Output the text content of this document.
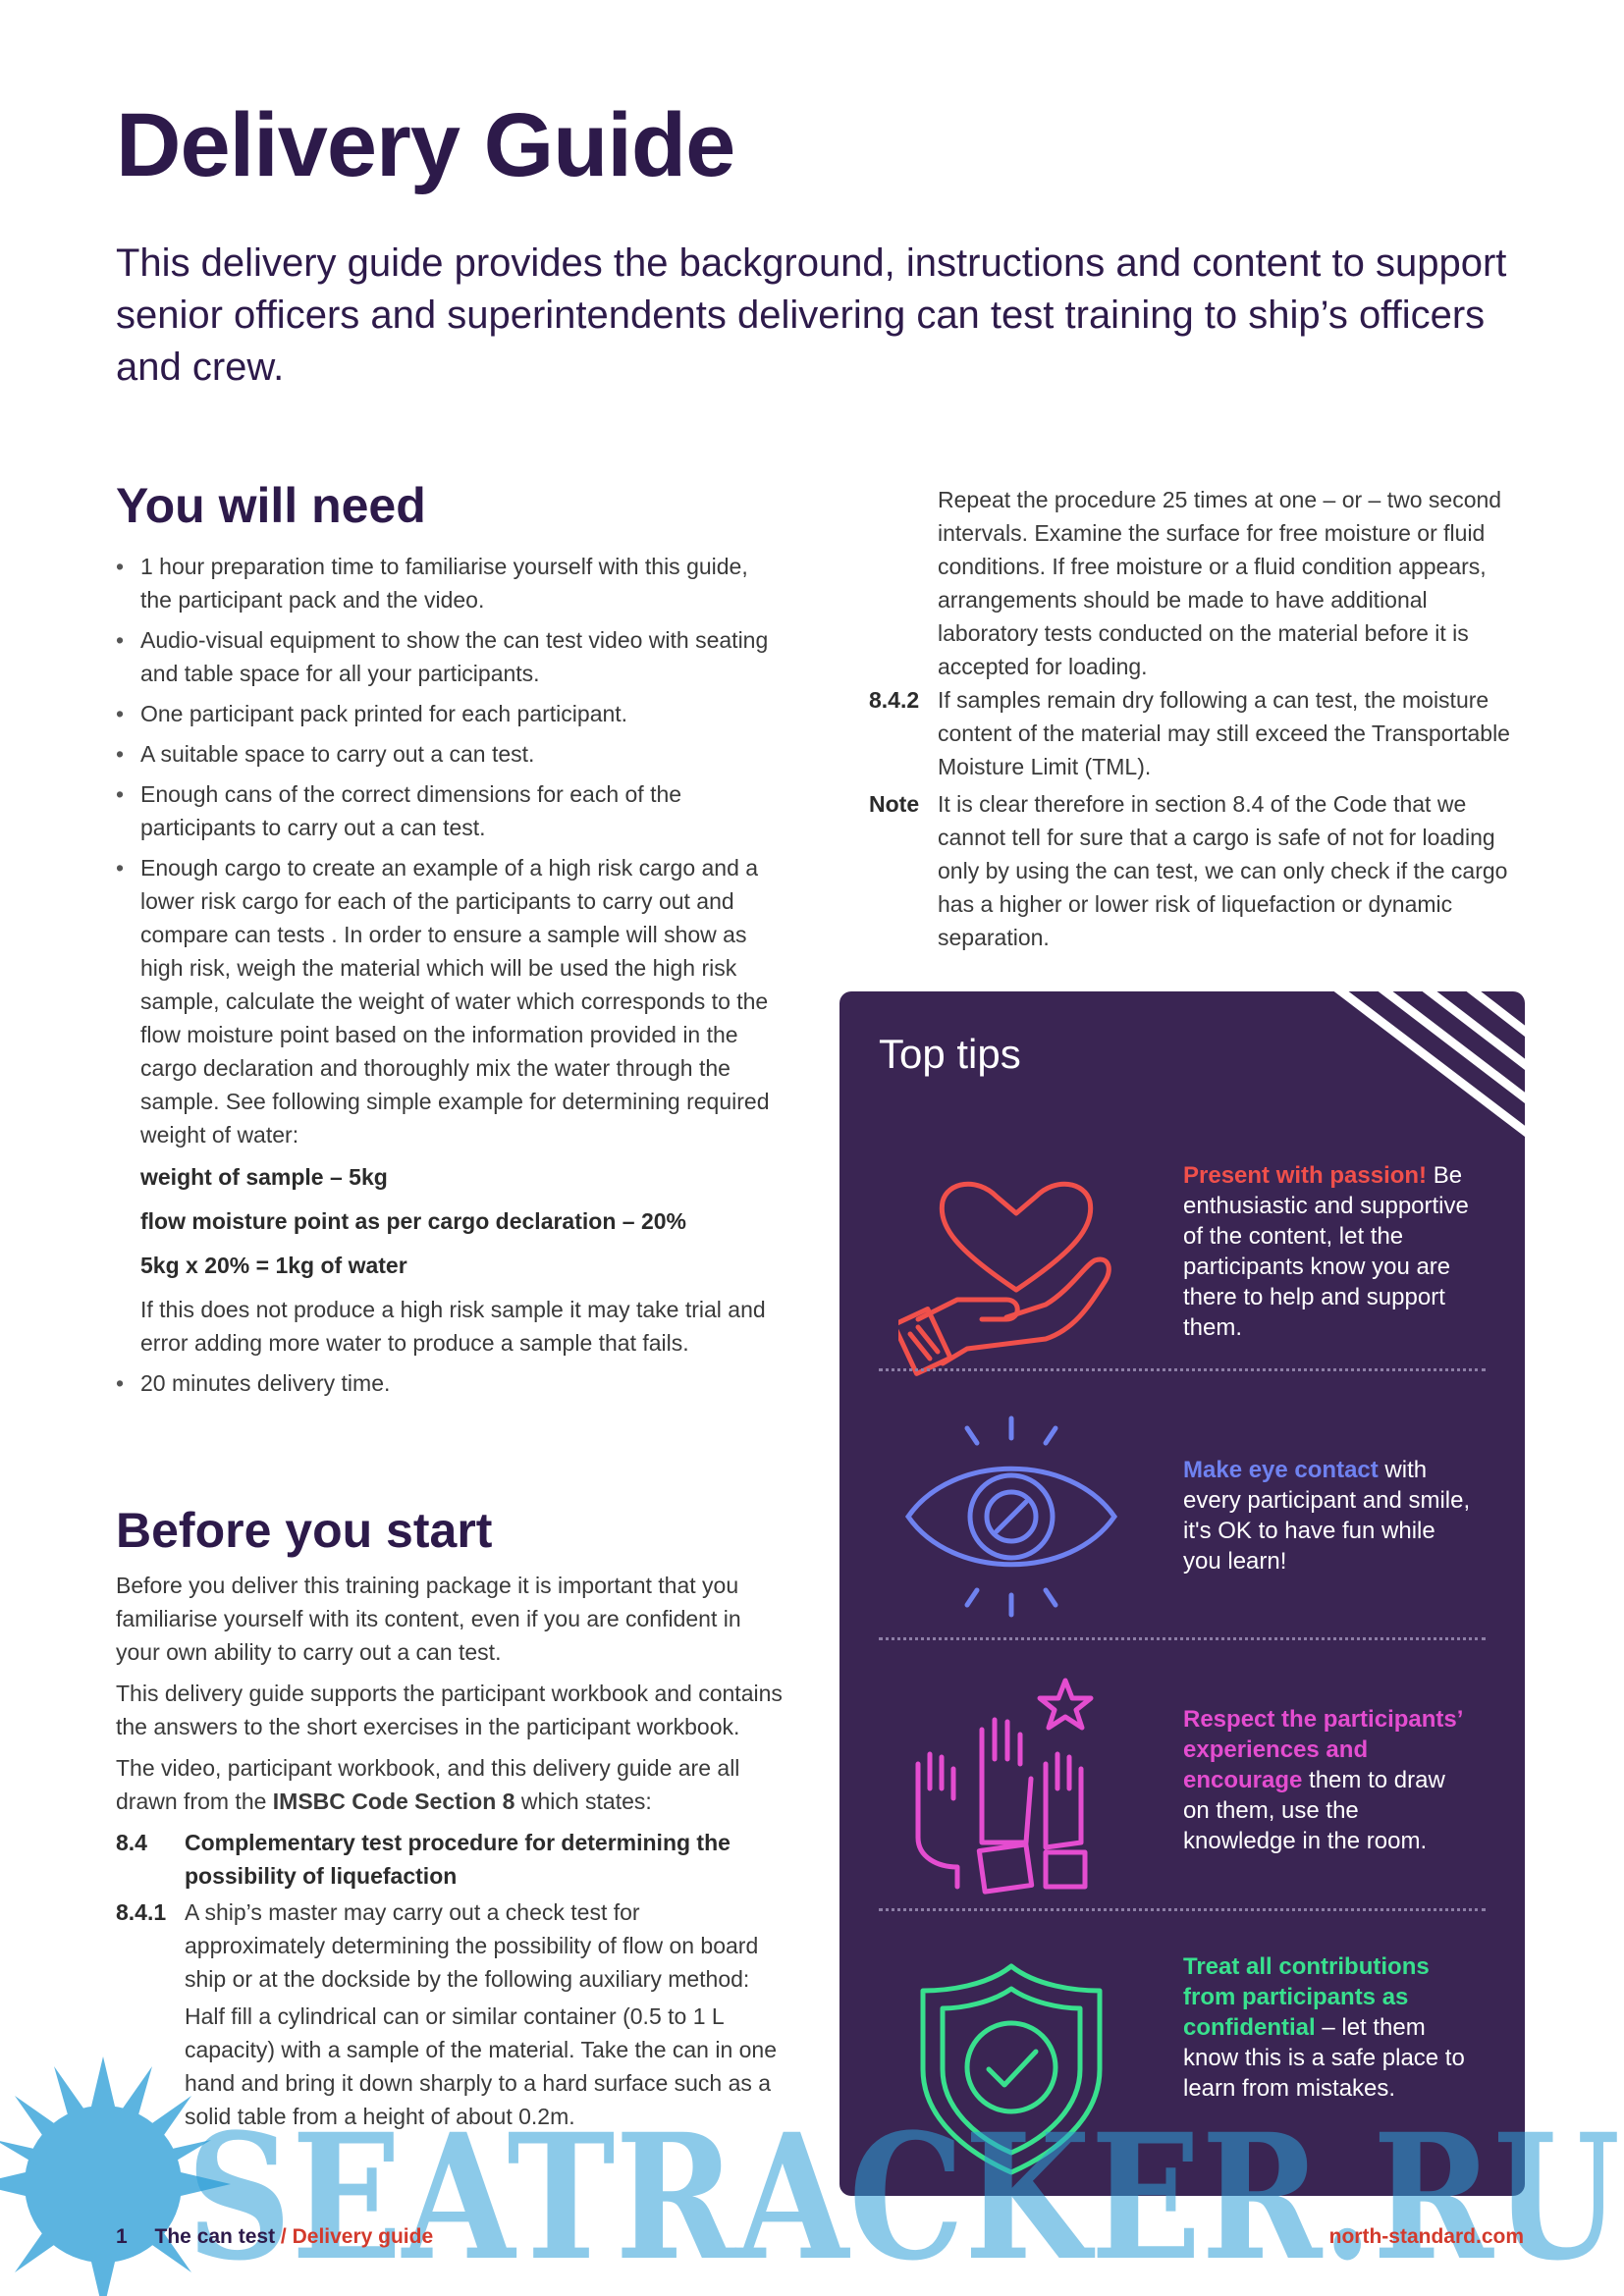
Delivery Guide

This delivery guide provides the background, instructions and content to support senior officers and superintendents delivering can test training to ship’s officers and crew.

You will need
• 1 hour preparation time to familiarise yourself with this guide, the participant pack and the video.
• Audio-visual equipment to show the can test video with seating and table space for all your participants.
• One participant pack printed for each participant.
• A suitable space to carry out a can test.
• Enough cans of the correct dimensions for each of the participants to carry out a can test.
• Enough cargo to create an example of a high risk cargo and a lower risk cargo for each of the participants to carry out and compare can tests . In order to ensure a sample will show as high risk, weigh the material which will be used the high risk sample, calculate the weight of water which corresponds to the flow moisture point based on the information provided in the cargo declaration and thoroughly mix the water through the sample. See following simple example for determining required weight of water:
weight of sample – 5kg
flow moisture point as per cargo declaration – 20%
5kg x 20% = 1kg of water
If this does not produce a high risk sample it may take trial and error adding more water to produce a sample that fails.
• 20 minutes delivery time.
Before you start

Before you deliver this training package it is important that you familiarise yourself with its content, even if you are confident in your own ability to carry out a can test.

This delivery guide supports the participant workbook and contains the answers to the short exercises in the participant workbook.

The video, participant workbook, and this delivery guide are all drawn from the IMSBC Code Section 8 which states:

8.4	Complementary test procedure for determining the possibility of liquefaction
8.4.1 A ship’s master may carry out a check test for approximately determining the possibility of flow on board ship or at the dockside by the following auxiliary method:

Half fill a cylindrical can or similar container (0.5 to 1 L capacity) with a sample of the material. Take the can in one hand and bring it down sharply to a hard surface such as a solid table from a height of about 0.2m.

Repeat the procedure 25 times at one – or – two second intervals. Examine the surface for free moisture or fluid conditions. If free moisture or a fluid condition appears, arrangements should be made to have additional laboratory tests conducted on the material before it is accepted for loading.

8.4.2 If samples remain dry following a can test, the moisture content of the material may still exceed the Transportable Moisture Limit (TML).
Note It is clear therefore in section 8.4 of the Code that we cannot tell for sure that a cargo is safe of not for loading only by using the can test, we can only check if the cargo has a higher or lower risk of liquefaction or dynamic separation.
Top tips
Present with passion! Be enthusiastic and supportive of the content, let the participants know you are there to help and support them.
Make eye contact with every participant and smile, it's OK to have fun while you learn!
Respect the participants’ experiences and encourage them to draw on them, use the knowledge in the room.
Treat all contributions from participants as confidential – let them know this is a safe place to learn from mistakes.
SEATRACKER.RU
1 The can test / Delivery guide	north-standard.com
